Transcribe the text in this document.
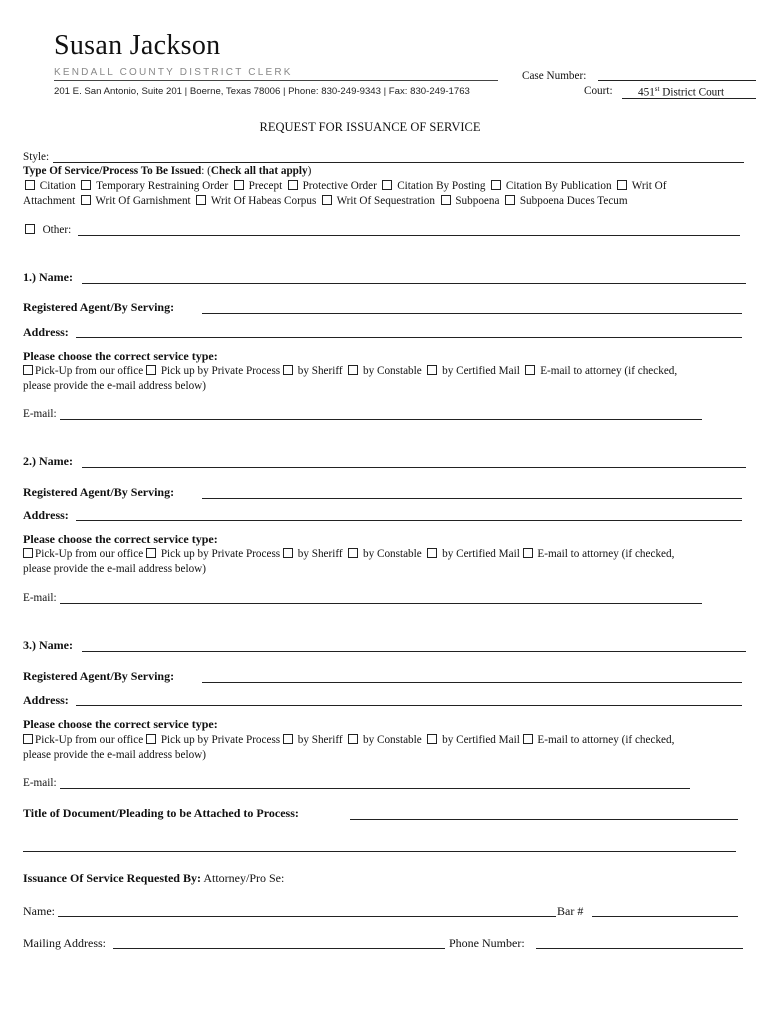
Susan Jackson
KENDALL COUNTY DISTRICT CLERK
201 E. San Antonio, Suite 201 | Boerne, Texas 78006 | Phone: 830-249-9343 | Fax: 830-249-1763
Case Number:
Court:	451st District Court
REQUEST FOR ISSUANCE OF SERVICE
Style:
Type Of Service/Process To Be Issued: (Check all that apply)
Citation Temporary Restraining Order Precept Protective Order Citation By Posting Citation By Publication Writ Of
Attachment Writ Of Garnishment Writ Of Habeas Corpus Writ Of Sequestration Subpoena Subpoena Duces Tecum
Other:
1.) Name:
Registered Agent/By Serving:
Address:
Please choose the correct service type:
Pick-Up from our office Pick up by Private Process by Sheriff by Constable by Certified Mail E-mail to attorney (if checked,
please provide the e-mail address below)
E-mail:
2.) Name:
Registered Agent/By Serving:
Address:
Please choose the correct service type:
Pick-Up from our office Pick up by Private Process by Sheriff by Constable by Certified Mail E-mail to attorney (if checked,
please provide the e-mail address below)
E-mail:
3.) Name:
Registered Agent/By Serving:
Address:
Please choose the correct service type:
Pick-Up from our office Pick up by Private Process by Sheriff by Constable by Certified Mail E-mail to attorney (if checked,
please provide the e-mail address below)
E-mail:
Title of Document/Pleading to be Attached to Process:
Issuance Of Service Requested By: Attorney/Pro Se:
Name:	Bar #
Mailing Address:	Phone Number:
